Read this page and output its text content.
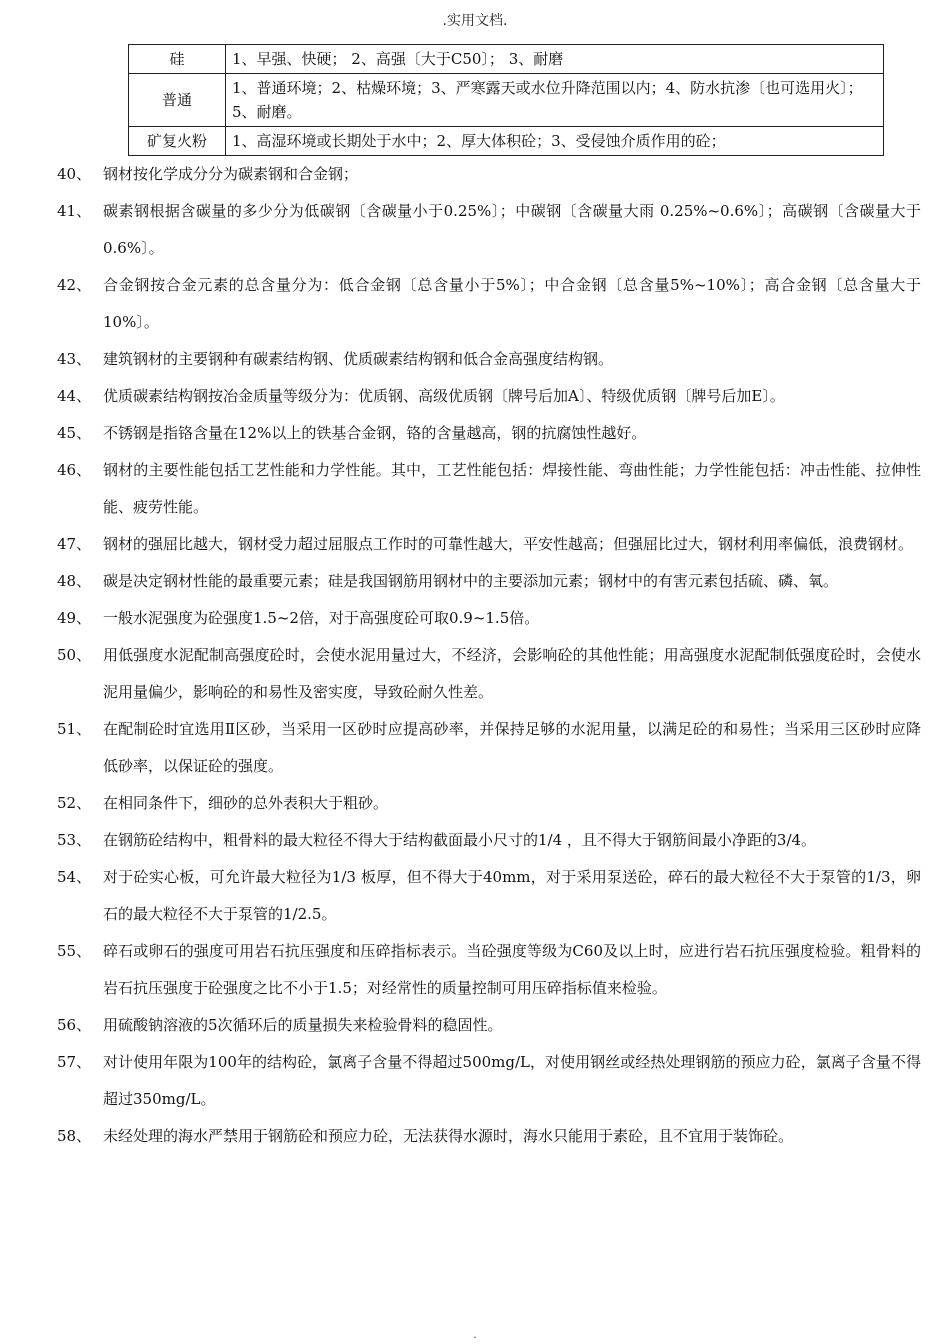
.实用文档.
硅	1、早强、快硬； 2、高强〔大于C50〕； 3、耐磨
普通	1、普通环境；2、枯燥环境；3、严寒露天或水位升降范围以内；4、防水抗渗〔也可选用火〕；5、耐磨。
矿复火粉	1、高湿环境或长期处于水中；2、厚大体积砼；3、受侵蚀介质作用的砼；
40、 钢材按化学成分分为碳素钢和合金钢；
41、 碳素钢根据含碳量的多少分为低碳钢〔含碳量小于0.25%〕；中碳钢〔含碳量大雨 0.25%~0.6%〕；高碳钢〔含碳量大于0.6%〕。
42、 合金钢按合金元素的总含量分为：低合金钢〔总含量小于5%〕；中合金钢〔总含量5%~10%〕；高合金钢〔总含量大于10%〕。
43、 建筑钢材的主要钢种有碳素结构钢、优质碳素结构钢和低合金高强度结构钢。
44、 优质碳素结构钢按冶金质量等级分为：优质钢、高级优质钢〔牌号后加A〕、特级优质钢〔牌号后加E〕。
45、 不锈钢是指铬含量在12%以上的铁基合金钢，铬的含量越高，钢的抗腐蚀性越好。
46、 钢材的主要性能包括工艺性能和力学性能。其中，工艺性能包括：焊接性能、弯曲性能；力学性能包括：冲击性能、拉伸性能、疲劳性能。
47、 钢材的强屈比越大，钢材受力超过屈服点工作时的可靠性越大，平安性越高；但强屈比过大，钢材利用率偏低，浪费钢材。
48、 碳是决定钢材性能的最重要元素；硅是我国钢筋用钢材中的主要添加元素；钢材中的有害元素包括硫、磷、氧。
49、 一般水泥强度为砼强度1.5~2倍，对于高强度砼可取0.9~1.5倍。
50、 用低强度水泥配制高强度砼时，会使水泥用量过大，不经济，会影响砼的其他性能；用高强度水泥配制低强度砼时，会使水泥用量偏少，影响砼的和易性及密实度，导致砼耐久性差。
51、 在配制砼时宜选用Ⅱ区砂，当采用一区砂时应提高砂率，并保持足够的水泥用量，以满足砼的和易性；当采用三区砂时应降低砂率，以保证砼的强度。
52、 在相同条件下，细砂的总外表积大于粗砂。
53、 在钢筋砼结构中，粗骨料的最大粒径不得大于结构截面最小尺寸的1/4 ，且不得大于钢筋间最小净距的3/4。
54、 对于砼实心板，可允许最大粒径为1/3 板厚，但不得大于40mm，对于采用泵送砼，碎石的最大粒径不大于泵管的1/3，卵石的最大粒径不大于泵管的1/2.5。
55、 碎石或卵石的强度可用岩石抗压强度和压碎指标表示。当砼强度等级为C60及以上时，应进行岩石抗压强度检验。粗骨料的岩石抗压强度于砼强度之比不小于1.5；对经常性的质量控制可用压碎指标值来检验。
56、 用硫酸钠溶液的5次循环后的质量损失来检验骨料的稳固性。
57、 对计使用年限为100年的结构砼，氯离子含量不得超过500mg/L，对使用钢丝或经热处理钢筋的预应力砼，氯离子含量不得超过350mg/L。
58、 未经处理的海水严禁用于钢筋砼和预应力砼，无法获得水源时，海水只能用于素砼，且不宜用于装饰砼。
.
